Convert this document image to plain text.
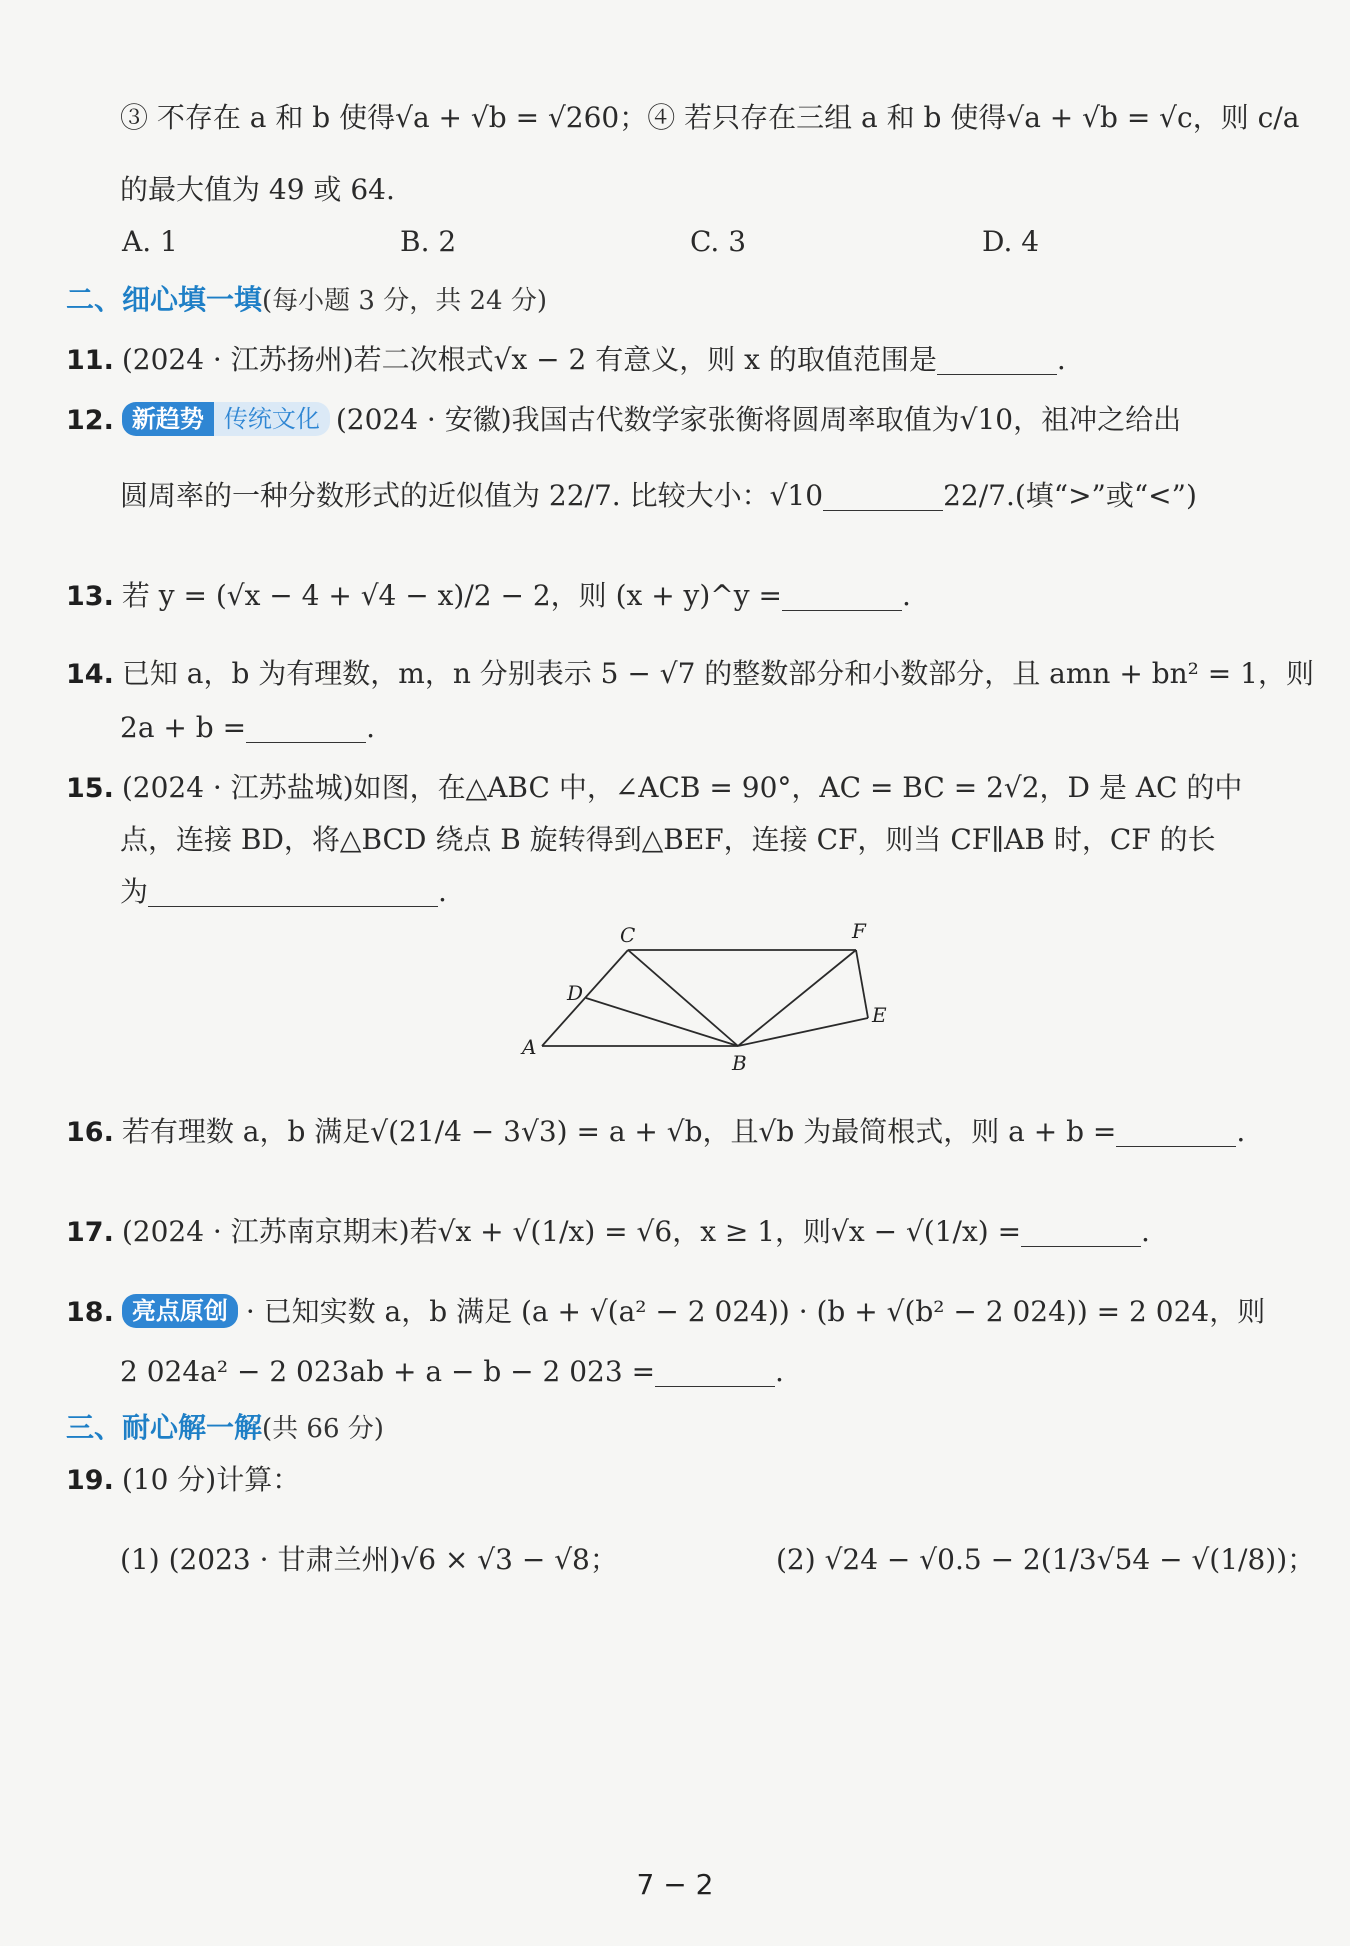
③ 不存在 a 和 b 使得√a + √b = √260；④ 若只存在三组 a 和 b 使得√a + √b = √c，则 c/a
的最大值为 49 或 64.
A. 1	B. 2	C. 3	D. 4
二、细心填一填(每小题 3 分，共 24 分)
11. (2024 · 江苏扬州)若二次根式√x − 2 有意义，则 x 的取值范围是	.
12. 新趋势 传统文化 (2024 · 安徽)我国古代数学家张衡将圆周率取值为√10，祖冲之给出
圆周率的一种分数形式的近似值为 22/7. 比较大小：√10	22/7.(填“>”或“<”)
13. 若 y = (√x − 4 + √4 − x)/2 − 2，则 (x + y)^y =	.
14. 已知 a，b 为有理数，m，n 分别表示 5 − √7 的整数部分和小数部分，且 amn + bn² = 1，则
2a + b =	.
15. (2024 · 江苏盐城)如图，在△ABC 中，∠ACB = 90°，AC = BC = 2√2，D 是 AC 的中
点，连接 BD，将△BCD 绕点 B 旋转得到△BEF，连接 CF，则当 CF∥AB 时，CF 的长
为	.
A
B
C
D
E
F
16. 若有理数 a，b 满足√(21/4 − 3√3) = a + √b，且√b 为最简根式，则 a + b =	.
17. (2024 · 江苏南京期末)若√x + √(1/x) = √6，x ≥ 1，则√x − √(1/x) =	.
18. 亮点原创 · 已知实数 a，b 满足 (a + √(a² − 2 024)) · (b + √(b² − 2 024)) = 2 024，则
2 024a² − 2 023ab + a − b − 2 023 =	.
三、耐心解一解(共 66 分)
19. (10 分)计算：
(1) (2023 · 甘肃兰州)√6 × √3 − √8；	(2) √24 − √0.5 − 2(1/3√54 − √(1/8))；
7 − 2
